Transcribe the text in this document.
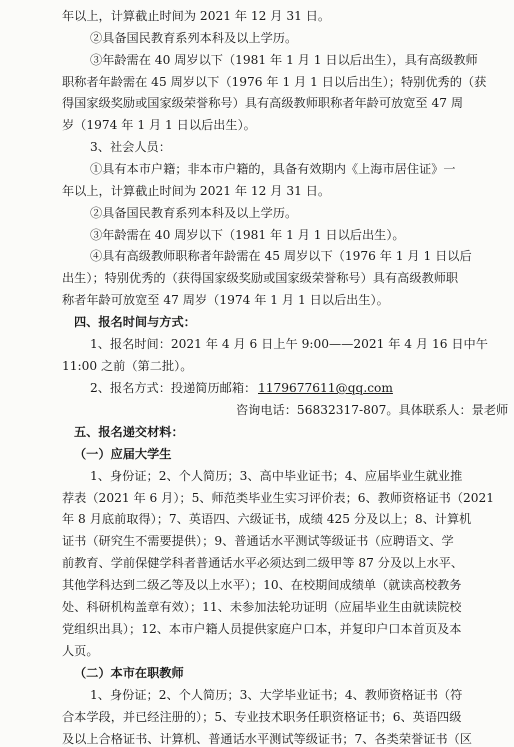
年以上，计算截止时间为 2021 年 12 月 31 日。
②具备国民教育系列本科及以上学历。
③年龄需在 40 周岁以下（1981 年 1 月 1 日以后出生），具有高级教师
职称者年龄需在 45 周岁以下（1976 年 1 月 1 日以后出生）；特别优秀的（获
得国家级奖励或国家级荣誉称号）具有高级教师职称者年龄可放宽至 47 周
岁（1974 年 1 月 1 日以后出生）。
3、社会人员：
①具有本市户籍；非本市户籍的，具备有效期内《上海市居住证》一
年以上，计算截止时间为 2021 年 12 月 31 日。
②具备国民教育系列本科及以上学历。
③年龄需在 40 周岁以下（1981 年 1 月 1 日以后出生）。
④具有高级教师职称者年龄需在 45 周岁以下（1976 年 1 月 1 日以后
出生）；特别优秀的（获得国家级奖励或国家级荣誉称号）具有高级教师职
称者年龄可放宽至 47 周岁（1974 年 1 月 1 日以后出生）。
四、报名时间与方式：
1、报名时间：2021 年 4 月 6 日上午 9:00——2021 年 4 月 16 日中午
11:00 之前（第二批）。
2、报名方式：投递简历邮箱： 1179677611@qq.com
咨询电话：56832317-807。具体联系人：景老师
五、报名递交材料：
（一）应届大学生
1、身份证；2、个人简历；3、高中毕业证书；4、应届毕业生就业推
荐表（2021 年 6 月）；5、师范类毕业生实习评价表；6、教师资格证书（2021
年 8 月底前取得）；7、英语四、六级证书，成绩 425 分及以上；8、计算机
证书（研究生不需要提供）；9、普通话水平测试等级证书（应聘语文、学
前教育、学前保健学科者普通话水平必须达到二级甲等 87 分及以上水平、
其他学科达到二级乙等及以上水平）；10、在校期间成绩单（就读高校教务
处、科研机构盖章有效）；11、未参加法轮功证明（应届毕业生由就读院校
党组织出具）；12、本市户籍人员提供家庭户口本，并复印户口本首页及本
人页。
（二）本市在职教师
1、身份证；2、个人简历；3、大学毕业证书；4、教师资格证书（符
合本学段，并已经注册的）；5、专业技术职务任职资格证书；6、英语四级
及以上合格证书、计算机、普通话水平测试等级证书；7、各类荣誉证书（区
